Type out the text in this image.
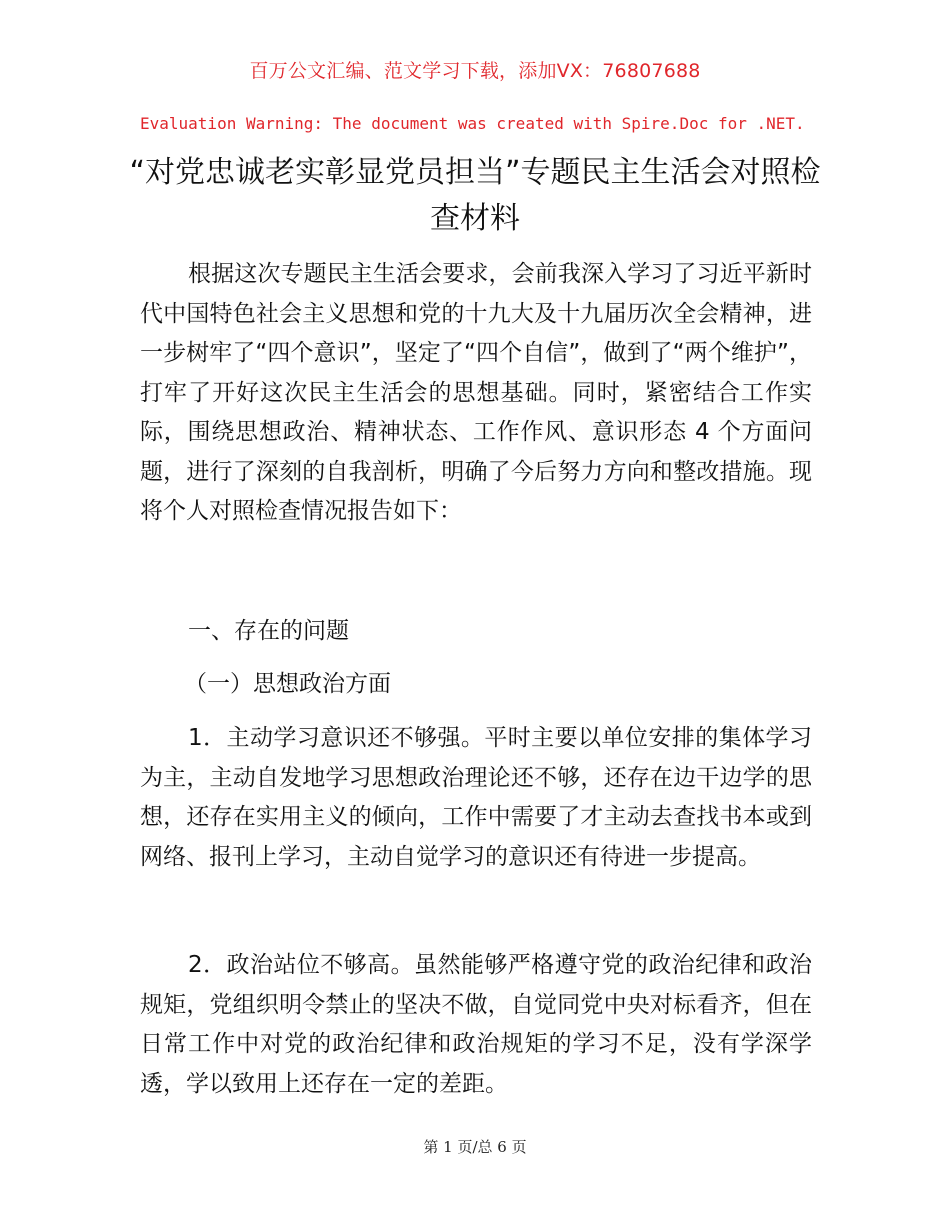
百万公文汇编、范文学习下载，添加VX：76807688
Evaluation Warning: The document was created with Spire.Doc for .NET.
“对党忠诚老实彰显党员担当”专题民主生活会对照检查材料
根据这次专题民主生活会要求，会前我深入学习了习近平新时代中国特色社会主义思想和党的十九大及十九届历次全会精神，进一步树牢了“四个意识”，坚定了“四个自信”，做到了“两个维护”，打牢了开好这次民主生活会的思想基础。同时，紧密结合工作实际，围绕思想政治、精神状态、工作作风、意识形态 4 个方面问题，进行了深刻的自我剖析，明确了今后努力方向和整改措施。现将个人对照检查情况报告如下：
一、存在的问题
（一）思想政治方面
1．主动学习意识还不够强。平时主要以单位安排的集体学习为主，主动自发地学习思想政治理论还不够，还存在边干边学的思想，还存在实用主义的倾向，工作中需要了才主动去查找书本或到网络、报刊上学习，主动自觉学习的意识还有待进一步提高。
2．政治站位不够高。虽然能够严格遵守党的政治纪律和政治规矩，党组织明令禁止的坚决不做，自觉同党中央对标看齐，但在日常工作中对党的政治纪律和政治规矩的学习不足，没有学深学透，学以致用上还存在一定的差距。
第 1 页/总 6 页
